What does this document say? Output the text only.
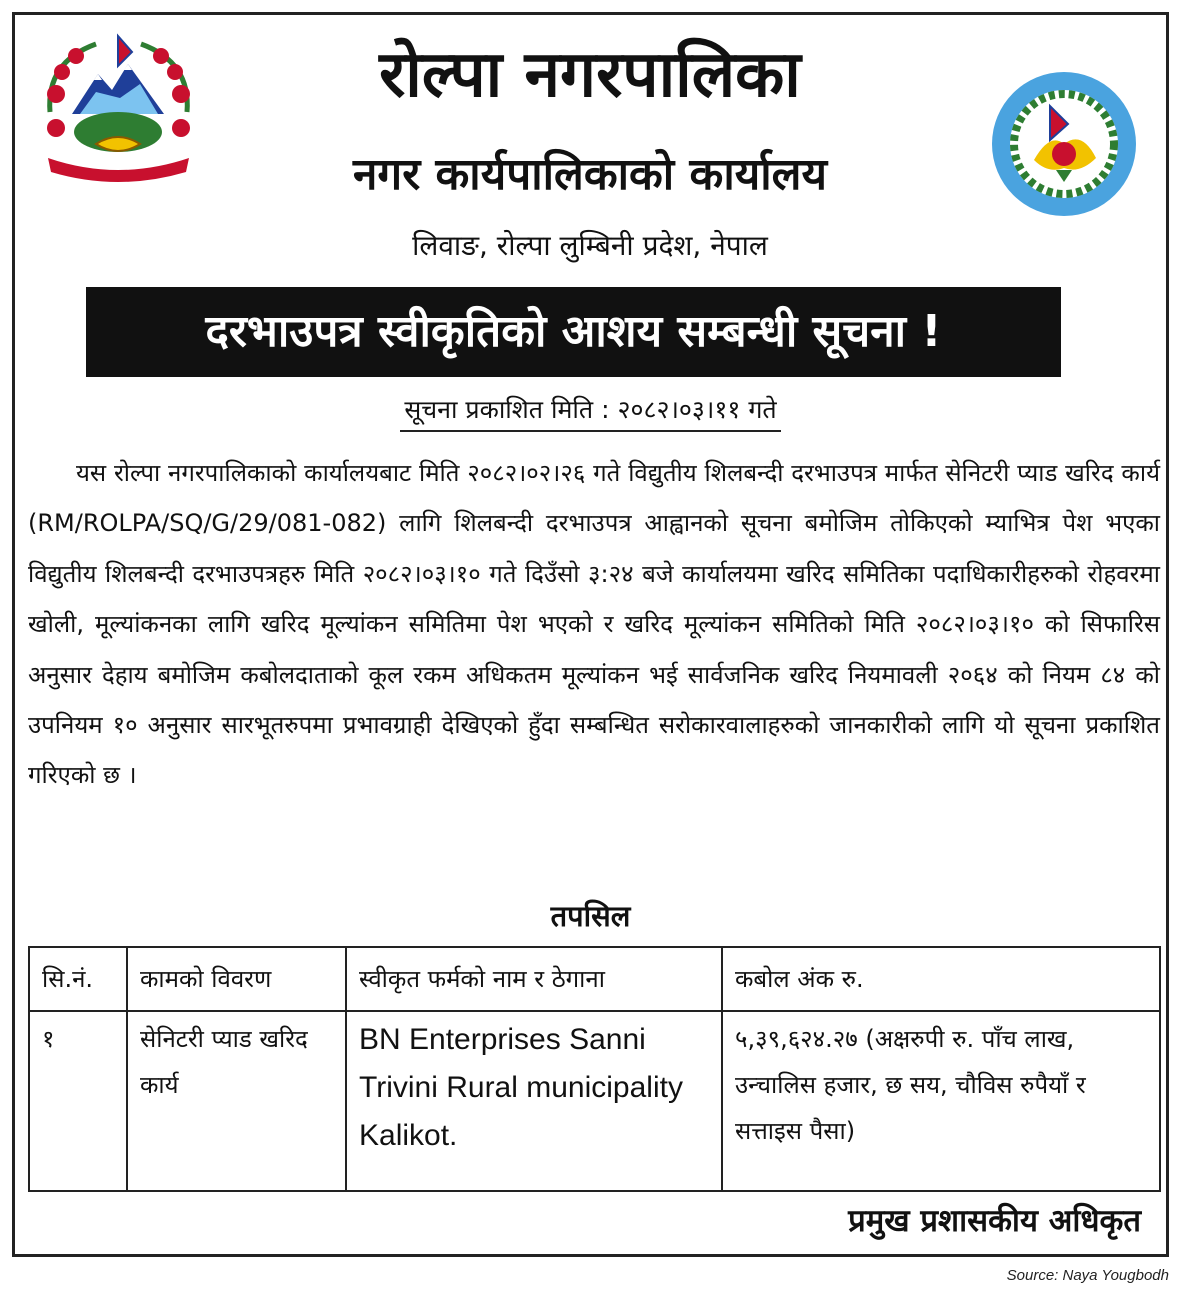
रोल्पा नगरपालिका
नगर कार्यपालिकाको कार्यालय
लिवाङ, रोल्पा लुम्बिनी प्रदेश, नेपाल
दरभाउपत्र स्वीकृतिको आशय सम्बन्धी सूचना !
सूचना प्रकाशित मिति : २०८२।०३।११ गते

यस रोल्पा नगरपालिकाको कार्यालयबाट मिति २०८२।०२।२६ गते विद्युतीय शिलबन्दी दरभाउपत्र मार्फत सेनिटरी प्याड खरिद कार्य (RM/ROLPA/SQ/G/29/081-082) लागि शिलबन्दी दरभाउपत्र आह्वानको सूचना बमोजिम तोकिएको म्याभित्र पेश भएका विद्युतीय शिलबन्दी दरभाउपत्रहरु मिति २०८२।०३।१० गते दिउँसो ३:२४ बजे कार्यालयमा खरिद समितिका पदाधिकारीहरुको रोहवरमा खोली, मूल्यांकनका लागि खरिद मूल्यांकन समितिमा पेश भएको र खरिद मूल्यांकन समितिको मिति २०८२।०३।१० को सिफारिस अनुसार देहाय बमोजिम कबोलदाताको कूल रकम अधिकतम मूल्यांकन भई सार्वजनिक खरिद नियमावली २०६४ को नियम ८४ को उपनियम १० अनुसार सारभूतरुपमा प्रभावग्राही देखिएको हुँदा सम्बन्धित सरोकारवालाहरुको जानकारीको लागि यो सूचना प्रकाशित गरिएको छ ।

तपसिल
सि.नं.	कामको विवरण	स्वीकृत फर्मको नाम र ठेगाना	कबोल अंक रु.
१	सेनिटरी प्याड खरिद कार्य	BN Enterprises Sanni Trivini Rural municipality Kalikot.	५,३९,६२४.२७ (अक्षरुपी रु. पाँच लाख, उन्चालिस हजार, छ सय, चौविस रुपैयाँ र सत्ताइस पैसा)
प्रमुख प्रशासकीय अधिकृत
Source: Naya Yougbodh
